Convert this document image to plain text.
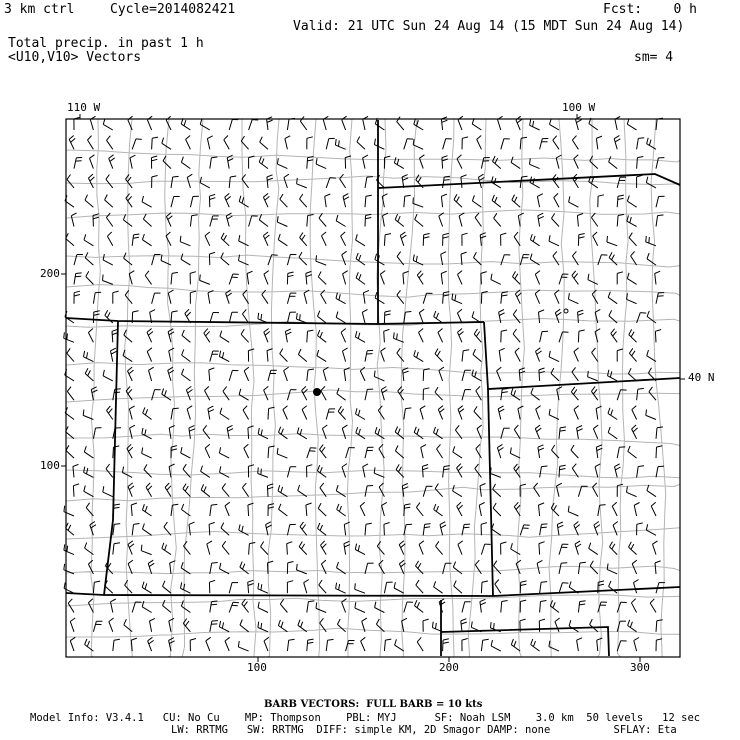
3 km ctrl	Cycle=2014082421	Fcst:    0 h
Valid: 21 UTC Sun 24 Aug 14 (15 MDT Sun 24 Aug 14)
Total precip. in past 1 h
<U10,V10> Vectors	sm= 4
110 W	100 W
40 N
200
100
100	200	300
BARB VECTORS:  FULL BARB = 10 kts
Model Info: V3.4.1   CU: No Cu    MP: Thompson    PBL: MYJ      SF: Noah LSM    3.0 km  50 levels   12 sec
LW: RRTMG   SW: RRTMG  DIFF: simple KM, 2D Smagor DAMP: none          SFLAY: Eta
